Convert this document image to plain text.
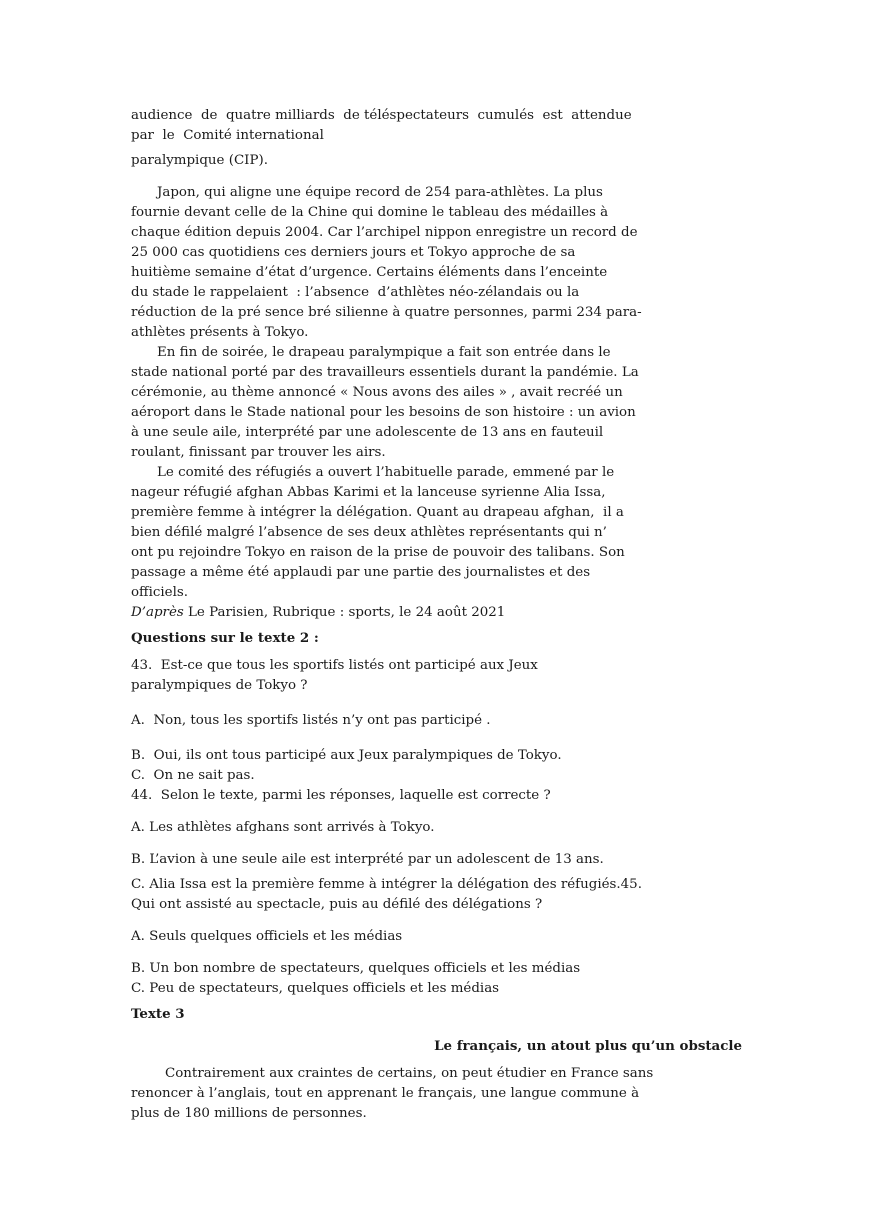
audience  de  quatre milliards  de téléspectateurs  cumulés  est  attendue
par  le  Comité international
paralympique (CIP).
Japon, qui aligne une équipe record de 254 para-athlètes. La plus
fournie devant celle de la Chine qui domine le tableau des médailles à
chaque édition depuis 2004. Car l’archipel nippon enregistre un record de
25 000 cas quotidiens ces derniers jours et Tokyo approche de sa
huitième semaine d’état d’urgence. Certains éléments dans l’enceinte
du stade le rappelaient  : l’absence  d’athlètes néo-zélandais ou la
réduction de la pré sence bré silienne à quatre personnes, parmi 234 para-
athlètes présents à Tokyo.
En fin de soirée, le drapeau paralympique a fait son entrée dans le
stade national porté par des travailleurs essentiels durant la pandémie. La
cérémonie, au thème annoncé « Nous avons des ailes » , avait recréé un
aéroport dans le Stade national pour les besoins de son histoire : un avion
à une seule aile, interprété par une adolescente de 13 ans en fauteuil
roulant, finissant par trouver les airs.
Le comité des réfugiés a ouvert l’habituelle parade, emmené par le
nageur réfugié afghan Abbas Karimi et la lanceuse syrienne Alia Issa,
première femme à intégrer la délégation. Quant au drapeau afghan,  il a
bien défilé malgré l’absence de ses deux athlètes représentants qui n’
ont pu rejoindre Tokyo en raison de la prise de pouvoir des talibans. Son
passage a même été applaudi par une partie des journalistes et des
officiels.
D’après Le Parisien, Rubrique : sports, le 24 août 2021
Questions sur le texte 2 :
43.  Est-ce que tous les sportifs listés ont participé aux Jeux
paralympiques de Tokyo ?
A.  Non, tous les sportifs listés n’y ont pas participé .
B.  Oui, ils ont tous participé aux Jeux paralympiques de Tokyo.
C.  On ne sait pas.
44.  Selon le texte, parmi les réponses, laquelle est correcte ?
A. Les athlètes afghans sont arrivés à Tokyo.
B. L’avion à une seule aile est interprété par un adolescent de 13 ans.
C. Alia Issa est la première femme à intégrer la délégation des réfugiés.45.
Qui ont assisté au spectacle, puis au défilé des délégations ?
A. Seuls quelques officiels et les médias
B. Un bon nombre de spectateurs, quelques officiels et les médias
C. Peu de spectateurs, quelques officiels et les médias
Texte 3
Le français, un atout plus qu’un obstacle
Contrairement aux craintes de certains, on peut étudier en France sans
renoncer à l’anglais, tout en apprenant le français, une langue commune à
plus de 180 millions de personnes.
